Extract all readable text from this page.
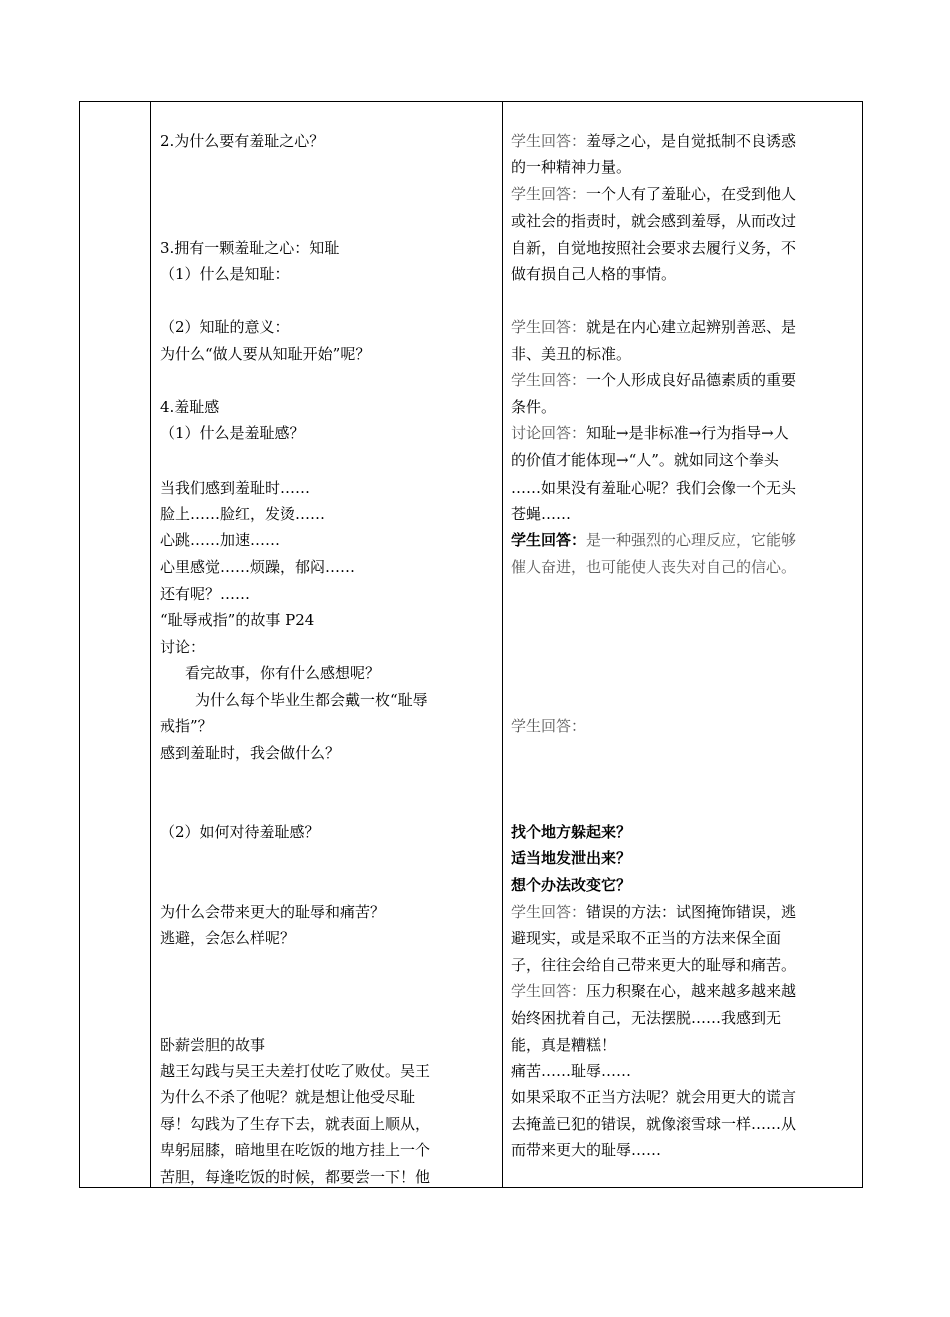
2.为什么要有羞耻之心？
3.拥有一颗羞耻之心：知耻
（1）什么是知耻：
（2）知耻的意义：
为什么“做人要从知耻开始”呢？
4.羞耻感
（1）什么是羞耻感？
当我们感到羞耻时……
脸上……脸红，发烫……
心跳……加速……
心里感觉……烦躁，郁闷……
还有呢？……
“耻辱戒指”的故事 P24
讨论：
看完故事，你有什么感想呢？
为什么每个毕业生都会戴一枚“耻辱
戒指”？
感到羞耻时，我会做什么？
（2）如何对待羞耻感？
为什么会带来更大的耻辱和痛苦？
逃避，会怎么样呢？
卧薪尝胆的故事
越王勾践与吴王夫差打仗吃了败仗。吴王
为什么不杀了他呢？就是想让他受尽耻
辱！勾践为了生存下去，就表面上顺从，
卑躬屈膝，暗地里在吃饭的地方挂上一个
苦胆，每逢吃饭的时候，都要尝一下！他
学生回答：羞辱之心，是自觉抵制不良诱惑
的一种精神力量。
学生回答：一个人有了羞耻心，在受到他人
或社会的指责时，就会感到羞辱，从而改过
自新，自觉地按照社会要求去履行义务，不
做有损自己人格的事情。
学生回答：就是在内心建立起辨别善恶、是
非、美丑的标准。
学生回答：一个人形成良好品德素质的重要
条件。
讨论回答：知耻→是非标准→行为指导→人
的价值才能体现→“人”。就如同这个拳头
……如果没有羞耻心呢？我们会像一个无头
苍蝇……
学生回答：是一种强烈的心理反应，它能够
催人奋进，也可能使人丧失对自己的信心。
学生回答：
找个地方躲起来？
适当地发泄出来？
想个办法改变它？
学生回答：错误的方法：试图掩饰错误，逃
避现实，或是采取不正当的方法来保全面
子，往往会给自己带来更大的耻辱和痛苦。
学生回答：压力积聚在心，越来越多越来越
始终困扰着自己，无法摆脱……我感到无
能，真是糟糕！
痛苦……耻辱……
如果采取不正当方法呢？就会用更大的谎言
去掩盖已犯的错误，就像滚雪球一样……从
而带来更大的耻辱……
